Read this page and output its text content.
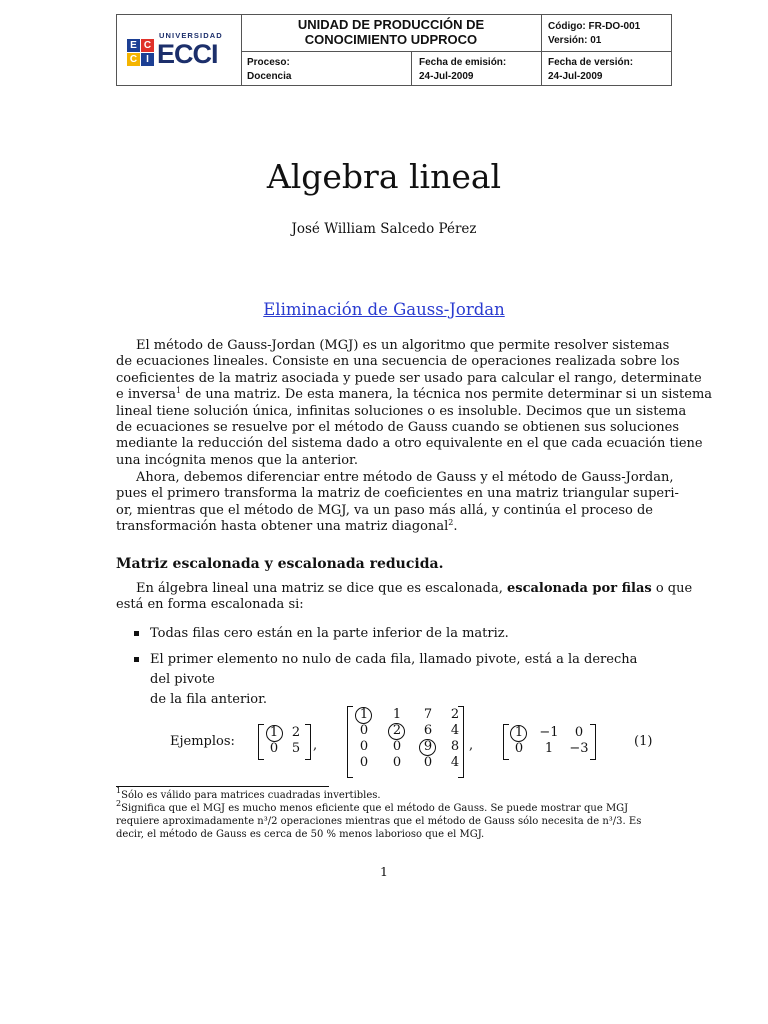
UNIDAD DE PRODUCCIÓN DE
CONOCIMIENTO UDPROCO
Código: FR-DO-001
Versión: 01
Proceso:
Docencia
Fecha de emisión:
24-Jul-2009
Fecha de versión:
24-Jul-2009
E C
C I
UNIVERSIDAD
ECCI
Algebra lineal
José William Salcedo Pérez
Eliminación de Gauss-Jordan
El método de Gauss-Jordan (MGJ) es un algoritmo que permite resolver sistemas
de ecuaciones lineales. Consiste en una secuencia de operaciones realizada sobre los
coeficientes de la matriz asociada y puede ser usado para calcular el rango, determinate
e inversa$^1$ de una matriz. De esta manera, la técnica nos permite determinar si un sistema
lineal tiene solución única, infinitas soluciones o es insoluble. Decimos que un sistema
de ecuaciones se resuelve por el método de Gauss cuando se obtienen sus soluciones
mediante la reducción del sistema dado a otro equivalente en el que cada ecuación tiene
una incógnita menos que la anterior.
Ahora, debemos diferenciar entre método de Gauss y el método de Gauss-Jordan,
pues el primero transforma la matriz de coeficientes en una matriz triangular superi-
or, mientras que el método de MGJ, va un paso más allá, y continúa el proceso de
transformación hasta obtener una matriz diagonal$^2$.
Matriz escalonada y escalonada reducida.
En álgebra lineal una matriz se dice que es escalonada, escalonada por filas o que
está en forma escalonada si:
Todas filas cero están en la parte inferior de la matriz.
El primer elemento no nulo de cada fila, llamado pivote, está a la derecha del pivote
de la fila anterior.
Ejemplos:
1	2
0	5 ,
1	1	7	2
0	2	6	4
0	0	9	8
0	0	0	4
,
1	−1	0
0	1	−3	(1)
$^1$Sólo es válido para matrices cuadradas invertibles.
$^2$Significa que el MGJ es mucho menos eficiente que el método de Gauss. Se puede mostrar que MGJ
requiere aproximadamente n³/2 operaciones mientras que el método de Gauss sólo necesita de n³/3. Es
decir, el método de Gauss es cerca de 50 % menos laborioso que el MGJ.
1
